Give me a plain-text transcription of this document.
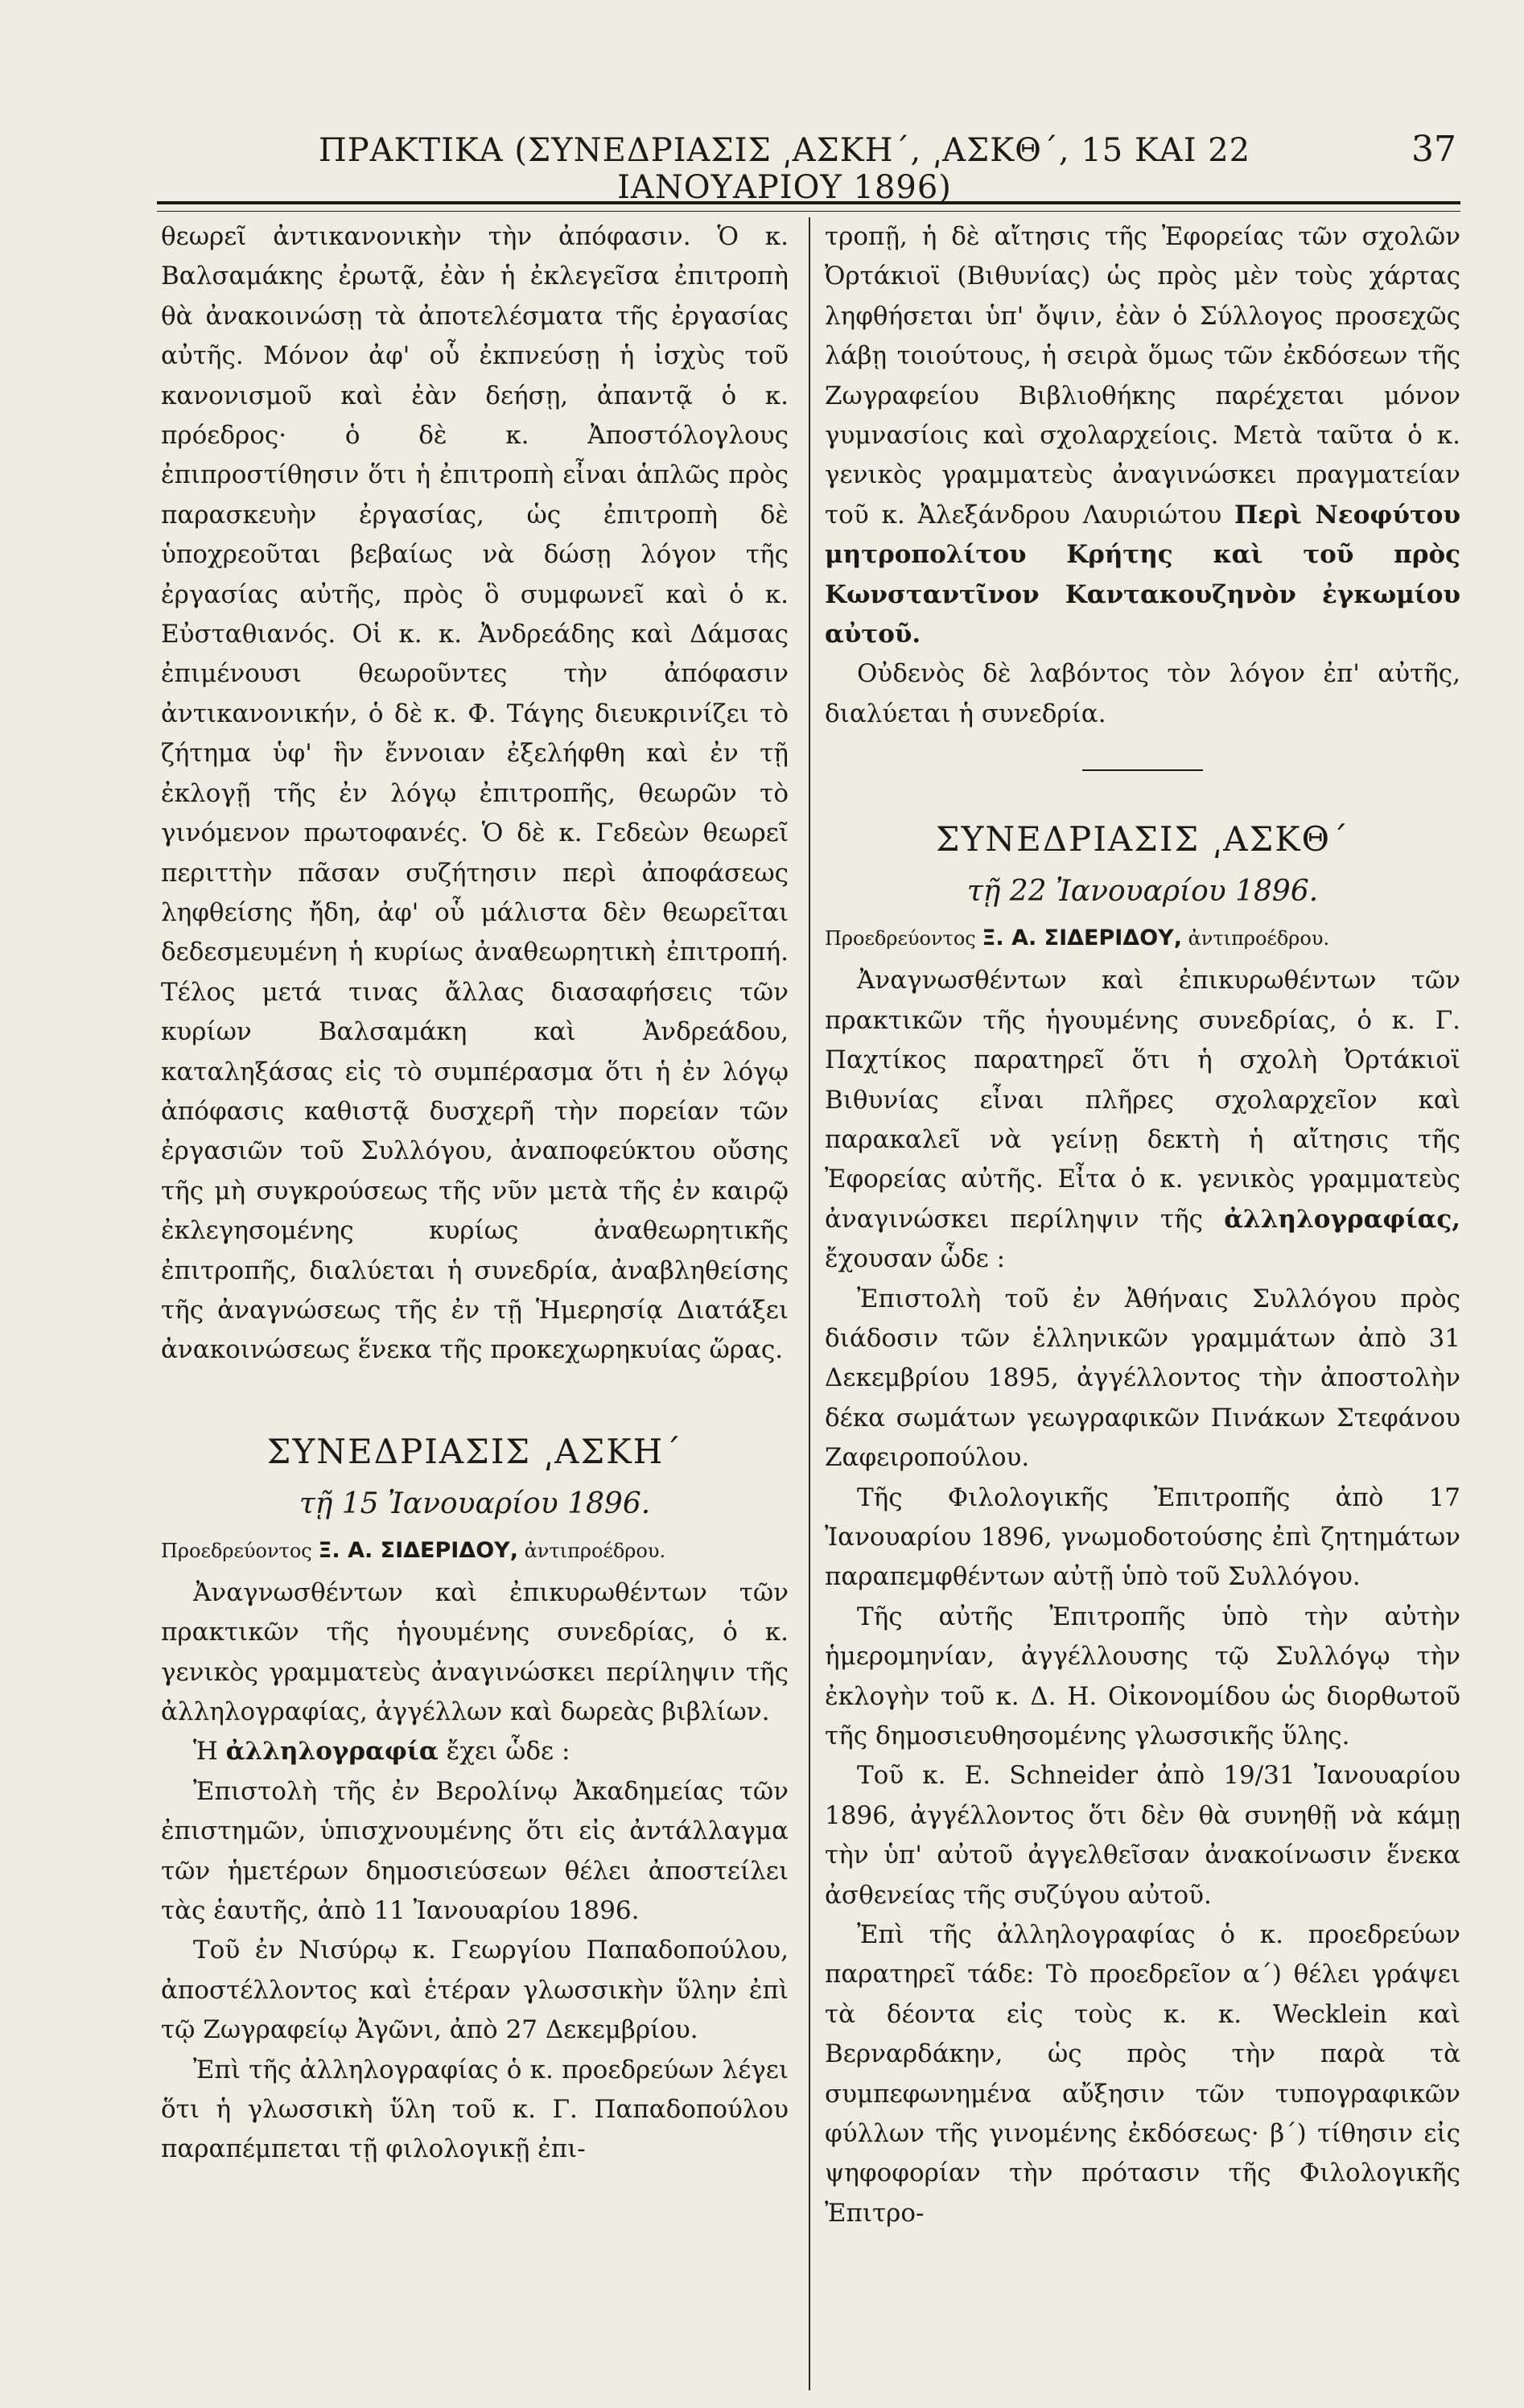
ΠΡΑΚΤΙΚΑ (ΣΥΝΕΔΡΙΑΣΙΣ ͵ΑΣΚΗ΄, ͵ΑΣΚΘ΄, 15 ΚΑΙ 22 ΙΑΝΟΥΑΡΙΟΥ 1896)
37

θεωρεῖ ἀντικανονικὴν τὴν ἀπόφασιν. Ὁ κ. Βαλσαμάκης ἐρωτᾷ, ἐὰν ἡ ἐκλεγεῖσα ἐπιτροπὴ θὰ ἀνακοινώσῃ τὰ ἀποτελέσματα τῆς ἐργασίας αὐτῆς. Μόνον ἀφ' οὗ ἐκπνεύσῃ ἡ ἰσχὺς τοῦ κανονισμοῦ καὶ ἐὰν δεήσῃ, ἀπαντᾷ ὁ κ. πρόεδρος· ὁ δὲ κ. Ἀποστόλογλους ἐπιπροστίθησιν ὅτι ἡ ἐπιτροπὴ εἶναι ἁπλῶς πρὸς παρασκευὴν ἐργασίας, ὡς ἐπιτροπὴ δὲ ὑποχρεοῦται βεβαίως νὰ δώσῃ λόγον τῆς ἐργασίας αὐτῆς, πρὸς ὃ συμφωνεῖ καὶ ὁ κ. Εὐσταθιανός. Οἱ κ. κ. Ἀνδρεάδης καὶ Δάμσας ἐπιμένουσι θεωροῦντες τὴν ἀπόφασιν ἀντικανονικήν, ὁ δὲ κ. Φ. Τάγης διευκρινίζει τὸ ζήτημα ὑφ' ἣν ἔννοιαν ἐξελήφθη καὶ ἐν τῇ ἐκλογῇ τῆς ἐν λόγῳ ἐπιτροπῆς, θεωρῶν τὸ γινόμενον πρωτοφανές. Ὁ δὲ κ. Γεδεὼν θεωρεῖ περιττὴν πᾶσαν συζήτησιν περὶ ἀποφάσεως ληφθείσης ἤδη, ἀφ' οὗ μάλιστα δὲν θεωρεῖται δεδεσμευμένη ἡ κυρίως ἀναθεωρητικὴ ἐπιτροπή. Τέλος μετά τινας ἄλλας διασαφήσεις τῶν κυρίων Βαλσαμάκη καὶ Ἀνδρεάδου, καταληξάσας εἰς τὸ συμπέρασμα ὅτι ἡ ἐν λόγῳ ἀπόφασις καθιστᾷ δυσχερῆ τὴν πορείαν τῶν ἐργασιῶν τοῦ Συλλόγου, ἀναποφεύκτου οὔσης τῆς μὴ συγκρούσεως τῆς νῦν μετὰ τῆς ἐν καιρῷ ἐκλεγησομένης κυρίως ἀναθεωρητικῆς ἐπιτροπῆς, διαλύεται ἡ συνεδρία, ἀναβληθείσης τῆς ἀναγνώσεως τῆς ἐν τῇ Ἡμερησίᾳ Διατάξει ἀνακοινώσεως ἕνεκα τῆς προκεχωρηκυίας ὥρας.

ΣΥΝΕΔΡΙΑΣΙΣ ͵ΑΣΚΗ΄
τῇ 15 Ἰανουαρίου 1896.
Προεδρεύοντος Ξ. Α. ΣΙΔΕΡΙΔΟΥ, ἀντιπροέδρου.

Ἀναγνωσθέντων καὶ ἐπικυρωθέντων τῶν πρακτικῶν τῆς ἡγουμένης συνεδρίας, ὁ κ. γενικὸς γραμματεὺς ἀναγινώσκει περίληψιν τῆς ἀλληλογραφίας, ἀγγέλλων καὶ δωρεὰς βιβλίων.

Ἡ ἀλληλογραφία ἔχει ὧδε :

Ἐπιστολὴ τῆς ἐν Βερολίνῳ Ἀκαδημείας τῶν ἐπιστημῶν, ὑπισχνουμένης ὅτι εἰς ἀντάλλαγμα τῶν ἡμετέρων δημοσιεύσεων θέλει ἀποστείλει τὰς ἑαυτῆς, ἀπὸ 11 Ἰανουαρίου 1896.

Τοῦ ἐν Νισύρῳ κ. Γεωργίου Παπαδοπούλου, ἀποστέλλοντος καὶ ἑτέραν γλωσσικὴν ὕλην ἐπὶ τῷ Ζωγραφείῳ Ἀγῶνι, ἀπὸ 27 Δεκεμβρίου.

Ἐπὶ τῆς ἀλληλογραφίας ὁ κ. προεδρεύων λέγει ὅτι ἡ γλωσσικὴ ὕλη τοῦ κ. Γ. Παπαδοπούλου παραπέμπεται τῇ φιλολογικῇ ἐπι-

τροπῇ, ἡ δὲ αἴτησις τῆς Ἐφορείας τῶν σχολῶν Ὀρτάκιοϊ (Βιθυνίας) ὡς πρὸς μὲν τοὺς χάρτας ληφθήσεται ὑπ' ὄψιν, ἐὰν ὁ Σύλλογος προσεχῶς λάβῃ τοιούτους, ἡ σειρὰ ὅμως τῶν ἐκδόσεων τῆς Ζωγραφείου Βιβλιοθήκης παρέχεται μόνον γυμνασίοις καὶ σχολαρχείοις. Μετὰ ταῦτα ὁ κ. γενικὸς γραμματεὺς ἀναγινώσκει πραγματείαν τοῦ κ. Ἀλεξάνδρου Λαυριώτου Περὶ Νεοφύτου μητροπολίτου Κρήτης καὶ τοῦ πρὸς Κωνσταντῖνον Καντακουζηνὸν ἐγκωμίου αὐτοῦ.

Οὐδενὸς δὲ λαβόντος τὸν λόγον ἐπ' αὐτῆς, διαλύεται ἡ συνεδρία.

ΣΥΝΕΔΡΙΑΣΙΣ ͵ΑΣΚΘ΄
τῇ 22 Ἰανουαρίου 1896.
Προεδρεύοντος Ξ. Α. ΣΙΔΕΡΙΔΟΥ, ἀντιπροέδρου.

Ἀναγνωσθέντων καὶ ἐπικυρωθέντων τῶν πρακτικῶν τῆς ἡγουμένης συνεδρίας, ὁ κ. Γ. Παχτίκος παρατηρεῖ ὅτι ἡ σχολὴ Ὀρτάκιοϊ Βιθυνίας εἶναι πλῆρες σχολαρχεῖον καὶ παρακαλεῖ νὰ γείνῃ δεκτὴ ἡ αἴτησις τῆς Ἐφορείας αὐτῆς. Εἶτα ὁ κ. γενικὸς γραμματεὺς ἀναγινώσκει περίληψιν τῆς ἀλληλογραφίας, ἔχουσαν ὧδε :

Ἐπιστολὴ τοῦ ἐν Ἀθήναις Συλλόγου πρὸς διάδοσιν τῶν ἑλληνικῶν γραμμάτων ἀπὸ 31 Δεκεμβρίου 1895, ἀγγέλλοντος τὴν ἀποστολὴν δέκα σωμάτων γεωγραφικῶν Πινάκων Στεφάνου Ζαφειροπούλου.

Τῆς Φιλολογικῆς Ἐπιτροπῆς ἀπὸ 17 Ἰανουαρίου 1896, γνωμοδοτούσης ἐπὶ ζητημάτων παραπεμφθέντων αὐτῇ ὑπὸ τοῦ Συλλόγου.

Τῆς αὐτῆς Ἐπιτροπῆς ὑπὸ τὴν αὐτὴν ἡμερομηνίαν, ἀγγέλλουσης τῷ Συλλόγῳ τὴν ἐκλογὴν τοῦ κ. Δ. Η. Οἰκονομίδου ὡς διορθωτοῦ τῆς δημοσιευθησομένης γλωσσικῆς ὕλης.

Τοῦ κ. E. Schneider ἀπὸ 19/31 Ἰανουαρίου 1896, ἀγγέλλοντος ὅτι δὲν θὰ συνηθῇ νὰ κάμῃ τὴν ὑπ' αὐτοῦ ἀγγελθεῖσαν ἀνακοίνωσιν ἕνεκα ἀσθενείας τῆς συζύγου αὐτοῦ.

Ἐπὶ τῆς ἀλληλογραφίας ὁ κ. προεδρεύων παρατηρεῖ τάδε: Τὸ προεδρεῖον α΄) θέλει γράψει τὰ δέοντα εἰς τοὺς κ. κ. Wecklein καὶ Βερναρδάκην, ὡς πρὸς τὴν παρὰ τὰ συμπεφωνημένα αὔξησιν τῶν τυπογραφικῶν φύλλων τῆς γινομένης ἐκδόσεως· β΄) τίθησιν εἰς ψηφοφορίαν τὴν πρότασιν τῆς Φιλολογικῆς Ἐπιτρο-
